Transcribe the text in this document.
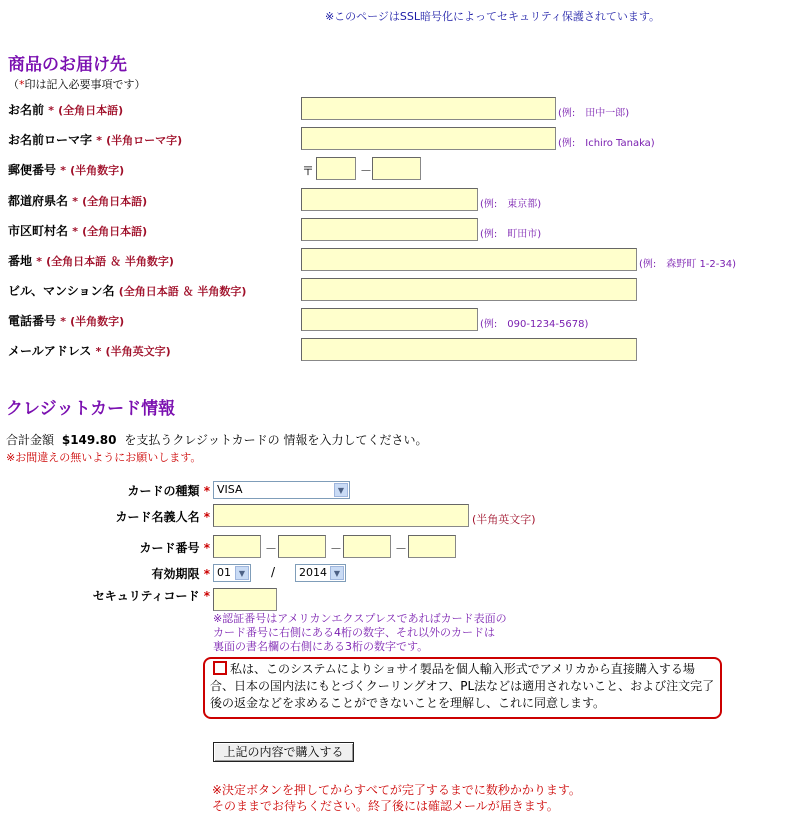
※このページはSSL暗号化によってセキュリティ保護されています。
商品のお届け先
（*印は記入必要事項です）
お名前 * (全角日本語)	(例:　田中一郎)
お名前ローマ字 * (半角ローマ字)	(例:　Ichiro Tanaka)
郵便番号 * (半角数字)	〒	－
都道府県名 * (全角日本語)	(例:　東京都)
市区町村名 * (全角日本語)	(例:　町田市)
番地 * (全角日本語 ＆ 半角数字)	(例:　森野町 1-2-34)
ビル、マンション名 (全角日本語 ＆ 半角数字)
電話番号 * (半角数字)	(例:　090-1234-5678)
メールアドレス * (半角英文字)
クレジットカード情報
合計金額 $149.80 を支払うクレジットカードの 情報を入力してください。
※お間違えの無いようにお願いします。
カードの種類 * VISA	▼
カード名義人名 *	(半角英文字)
カード番号 *	－	－	－
有効期限 * 01 ▼	/	2014 ▼
セキュリティコード *
※認証番号はアメリカンエクスプレスであればカード表面の
カード番号に右側にある4桁の数字、それ以外のカードは
裏面の書名欄の右側にある3桁の数字です。
私は、このシステムによりショサイ製品を個人輸入形式でアメリカから直接購入する場合、日本の国内法にもとづくクーリングオフ、PL法などは適用されないこと、および注文完了後の返金などを求めることができないことを理解し、これに同意します。
上記の内容で購入する
※決定ボタンを押してからすべてが完了するまでに数秒かかります。
そのままでお待ちください。終了後には確認メールが届きます。
